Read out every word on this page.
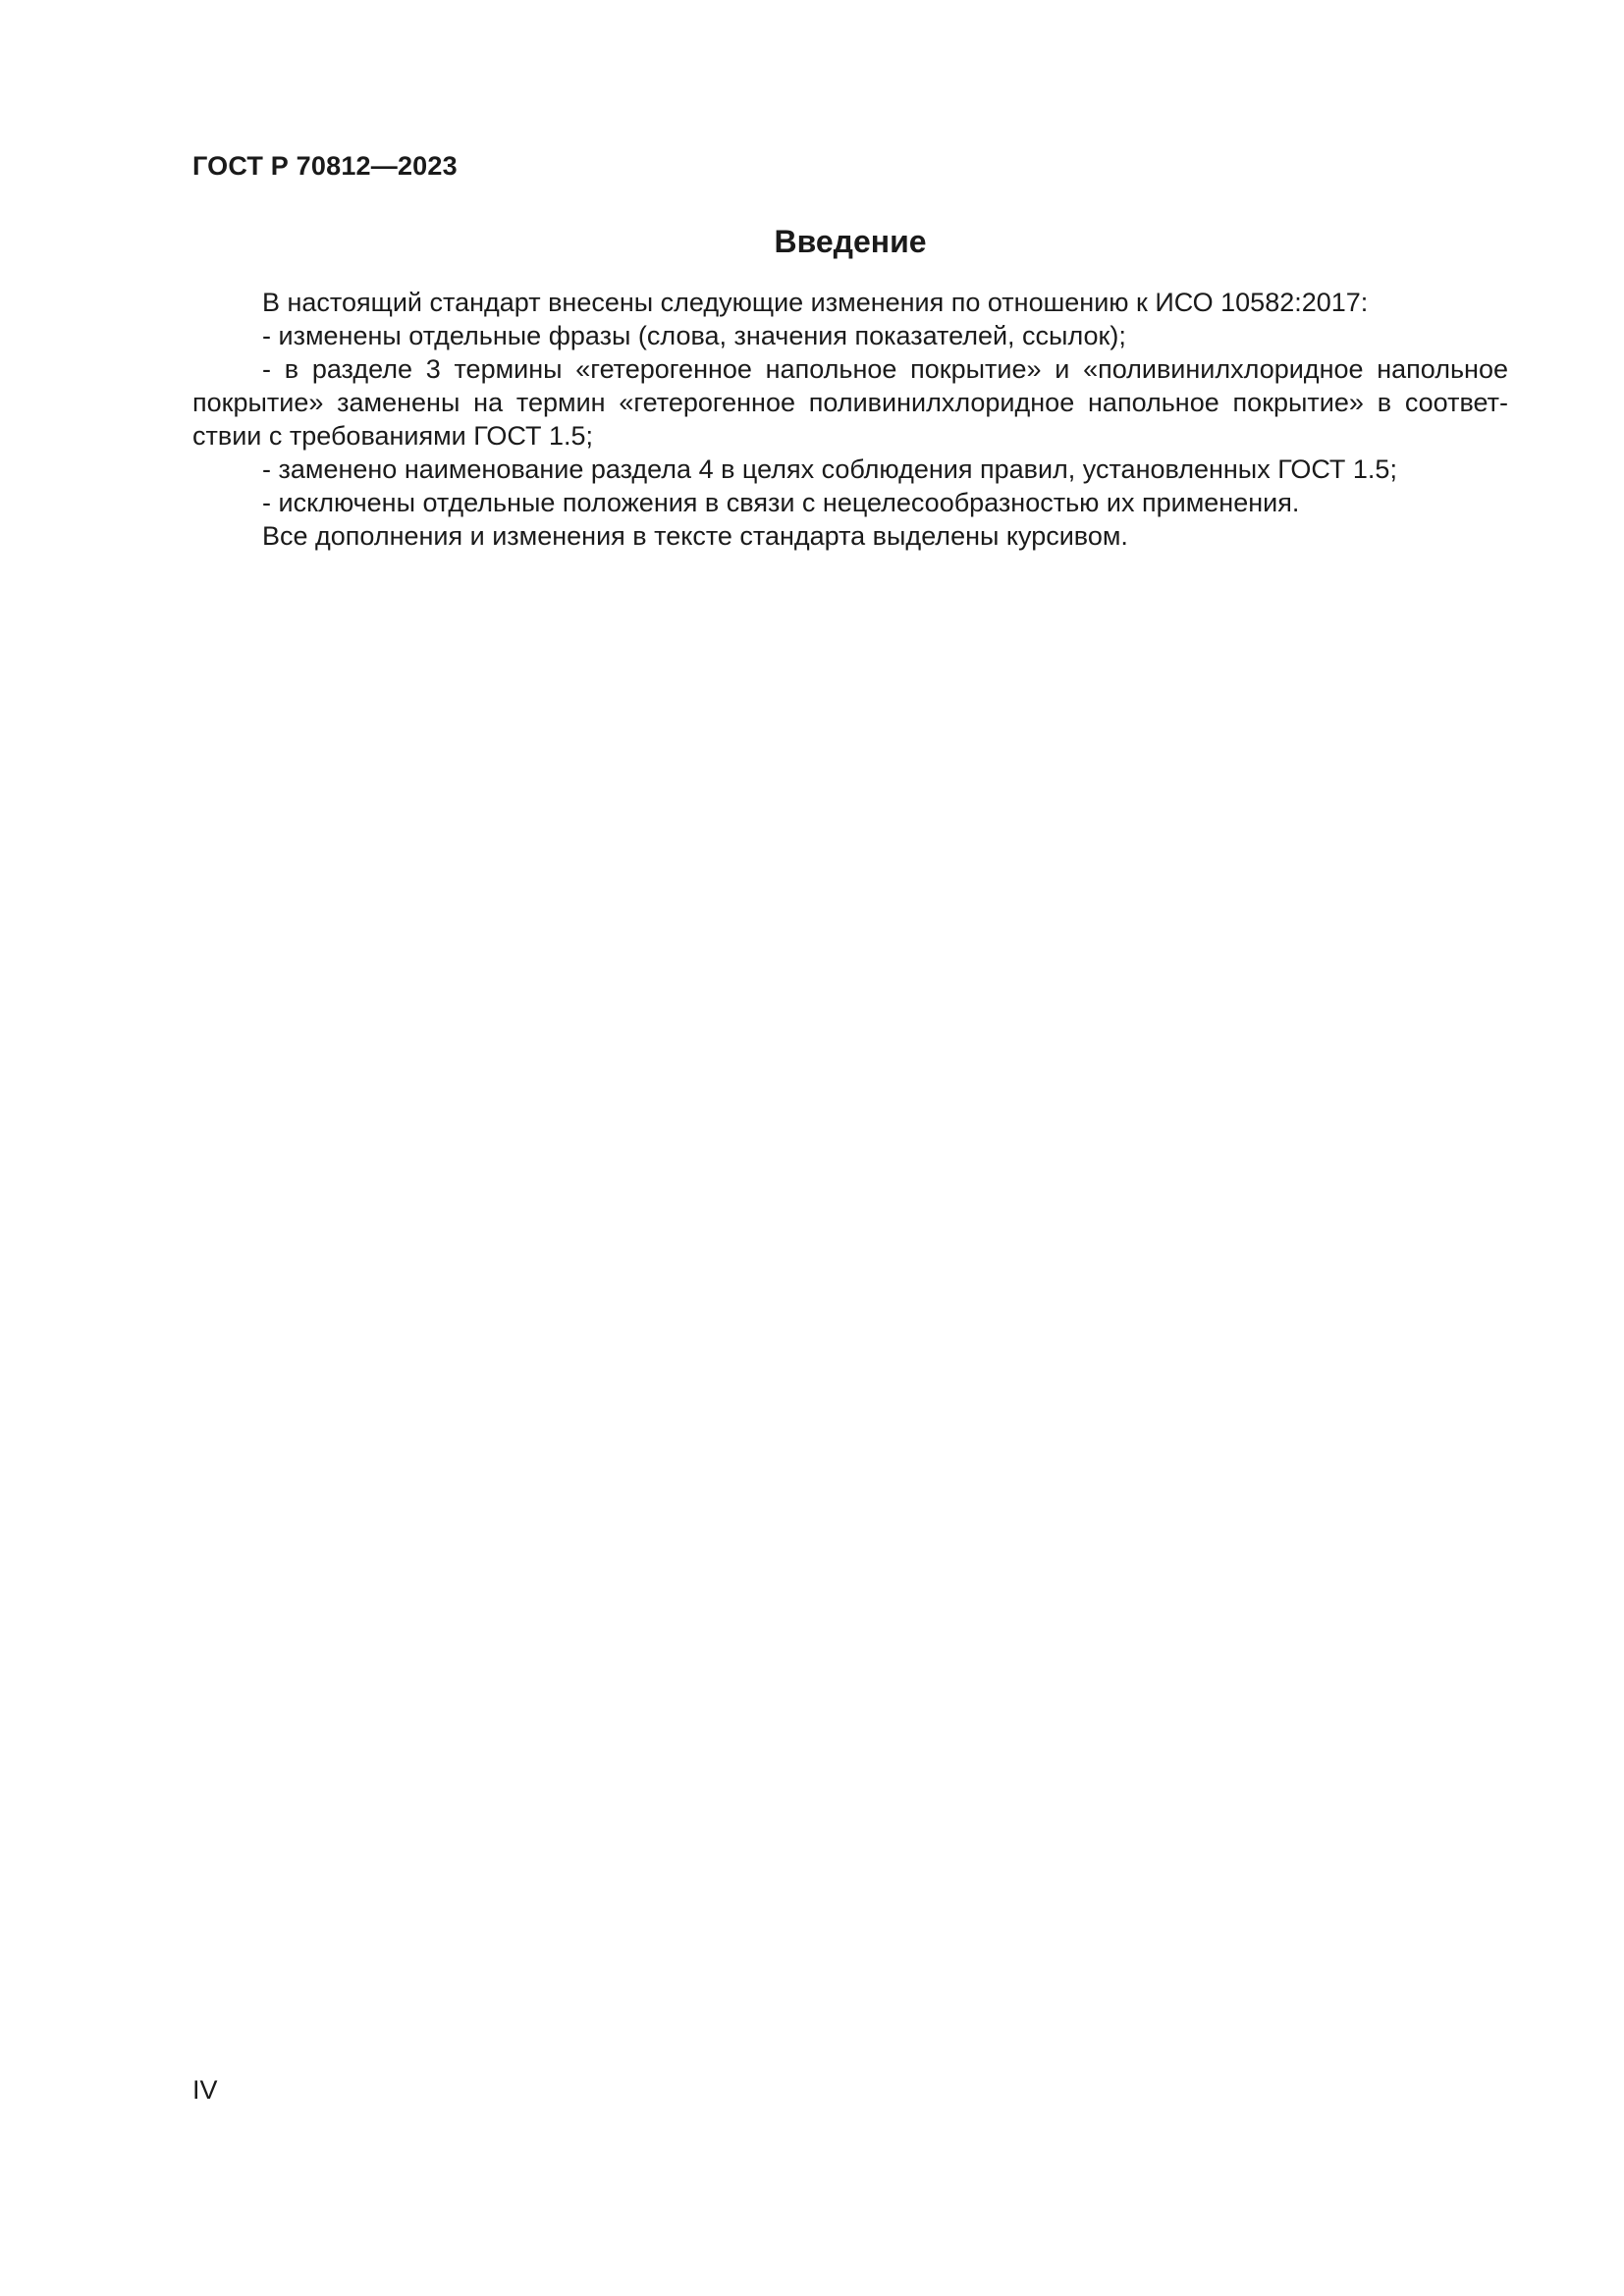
ГОСТ Р 70812—2023
Введение

В настоящий стандарт внесены следующие изменения по отношению к ИСО 10582:2017:

- изменены отдельные фразы (слова, значения показателей, ссылок);

- в разделе 3 термины «гетерогенное напольное покрытие» и «поливинилхлоридное напольное покрытие» заменены на термин «гетерогенное поливинилхлоридное напольное покрытие» в соответствии с требованиями ГОСТ 1.5;

- заменено наименование раздела 4 в целях соблюдения правил, установленных ГОСТ 1.5;

- исключены отдельные положения в связи с нецелесообразностью их применения.

Все дополнения и изменения в тексте стандарта выделены курсивом.

IV
